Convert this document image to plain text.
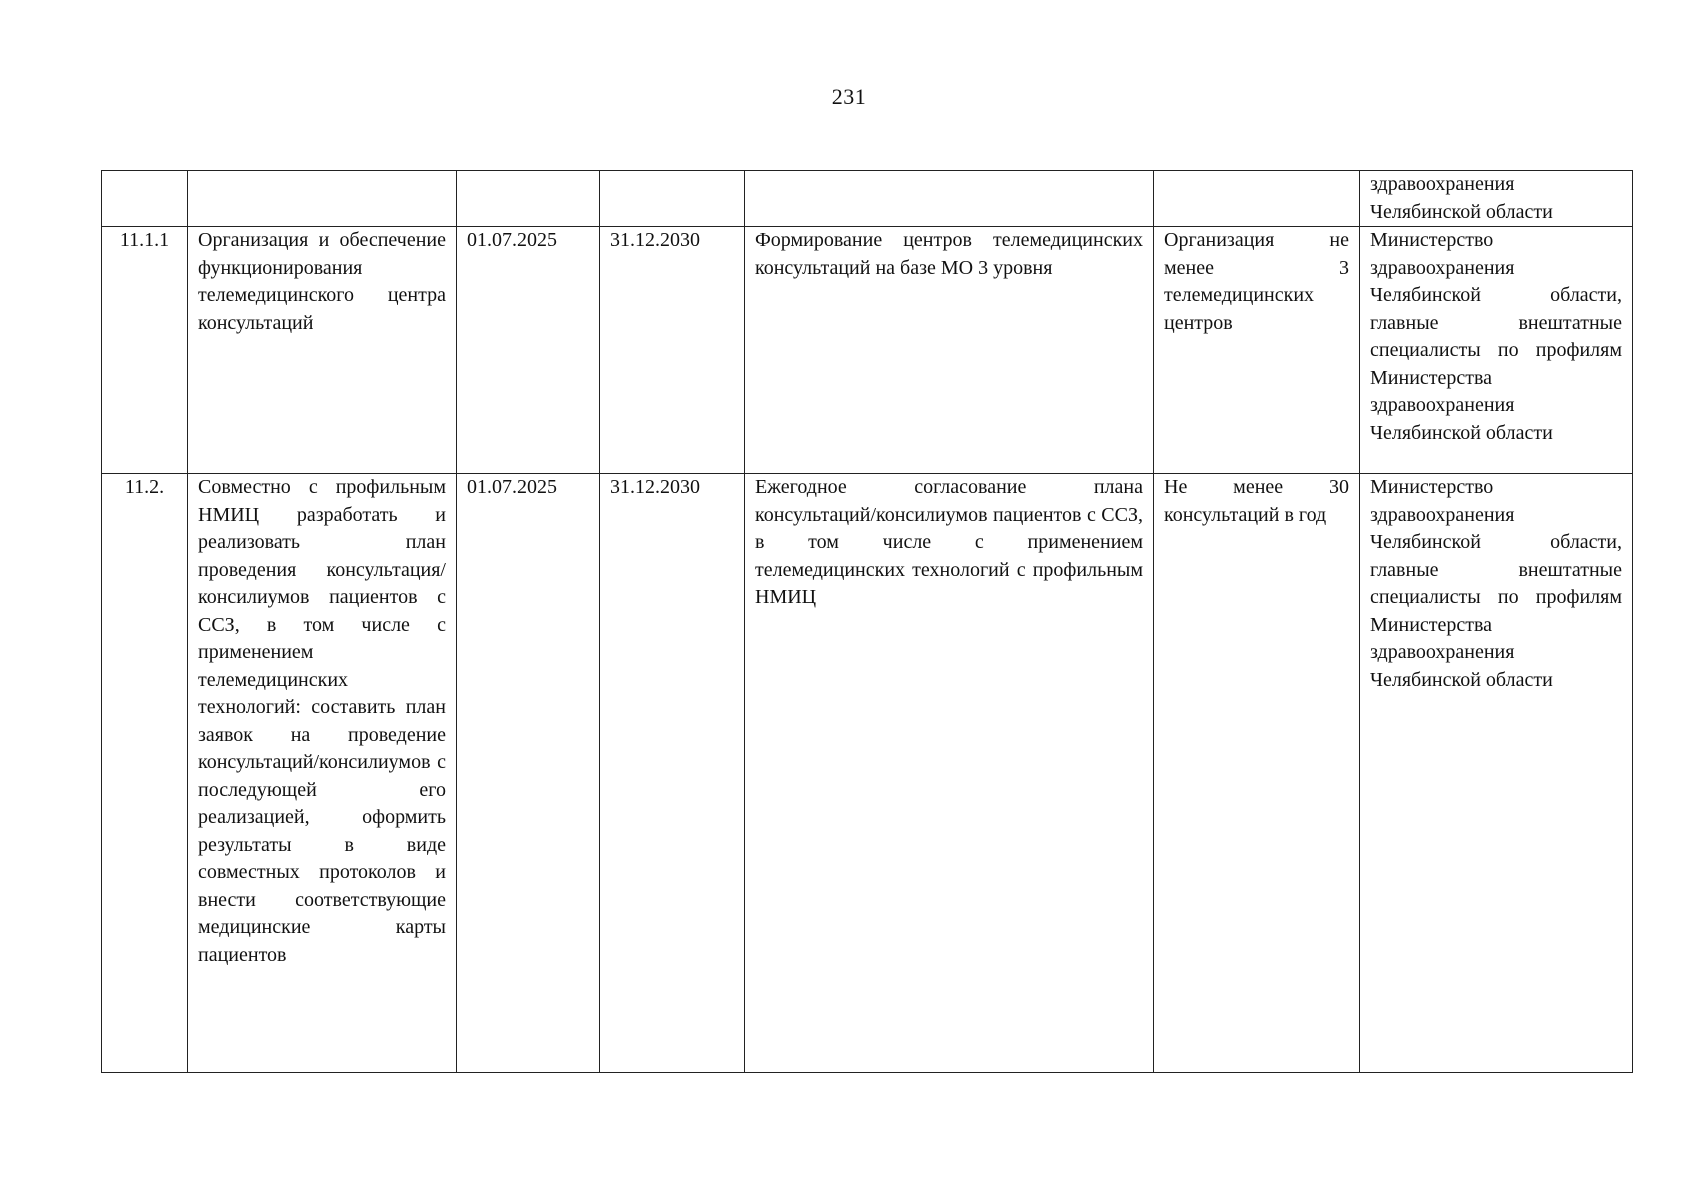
231

						здравоохранения
Челябинской области

11.1.1	Организация и обеспечение функционирования телемедицинского центра консультаций	01.07.2025	31.12.2030	Формирование центров телемедицинских консультаций на базе МО 3 уровня	Организация не менее 3 телемедицинских центров	Министерство здравоохранения Челябинской области, главные внештатные специалисты по профилям Министерства здравоохранения Челябинской области
11.2.	Совместно с профильным НМИЦ разработать и реализовать план проведения консультация/консилиумов пациентов с ССЗ, в том числе с применением телемедицинских технологий: составить план заявок на проведение консультаций/консилиумов с последующей его реализацией, оформить результаты в виде совместных протоколов и внести соответствующие медицинские карты пациентов	01.07.2025	31.12.2030	Ежегодное согласование плана консультаций/консилиумов пациентов с ССЗ, в том числе с применением телемедицинских технологий с профильным НМИЦ	Не менее 30 консультаций в год	Министерство здравоохранения Челябинской области, главные внештатные специалисты по профилям Министерства здравоохранения Челябинской области
